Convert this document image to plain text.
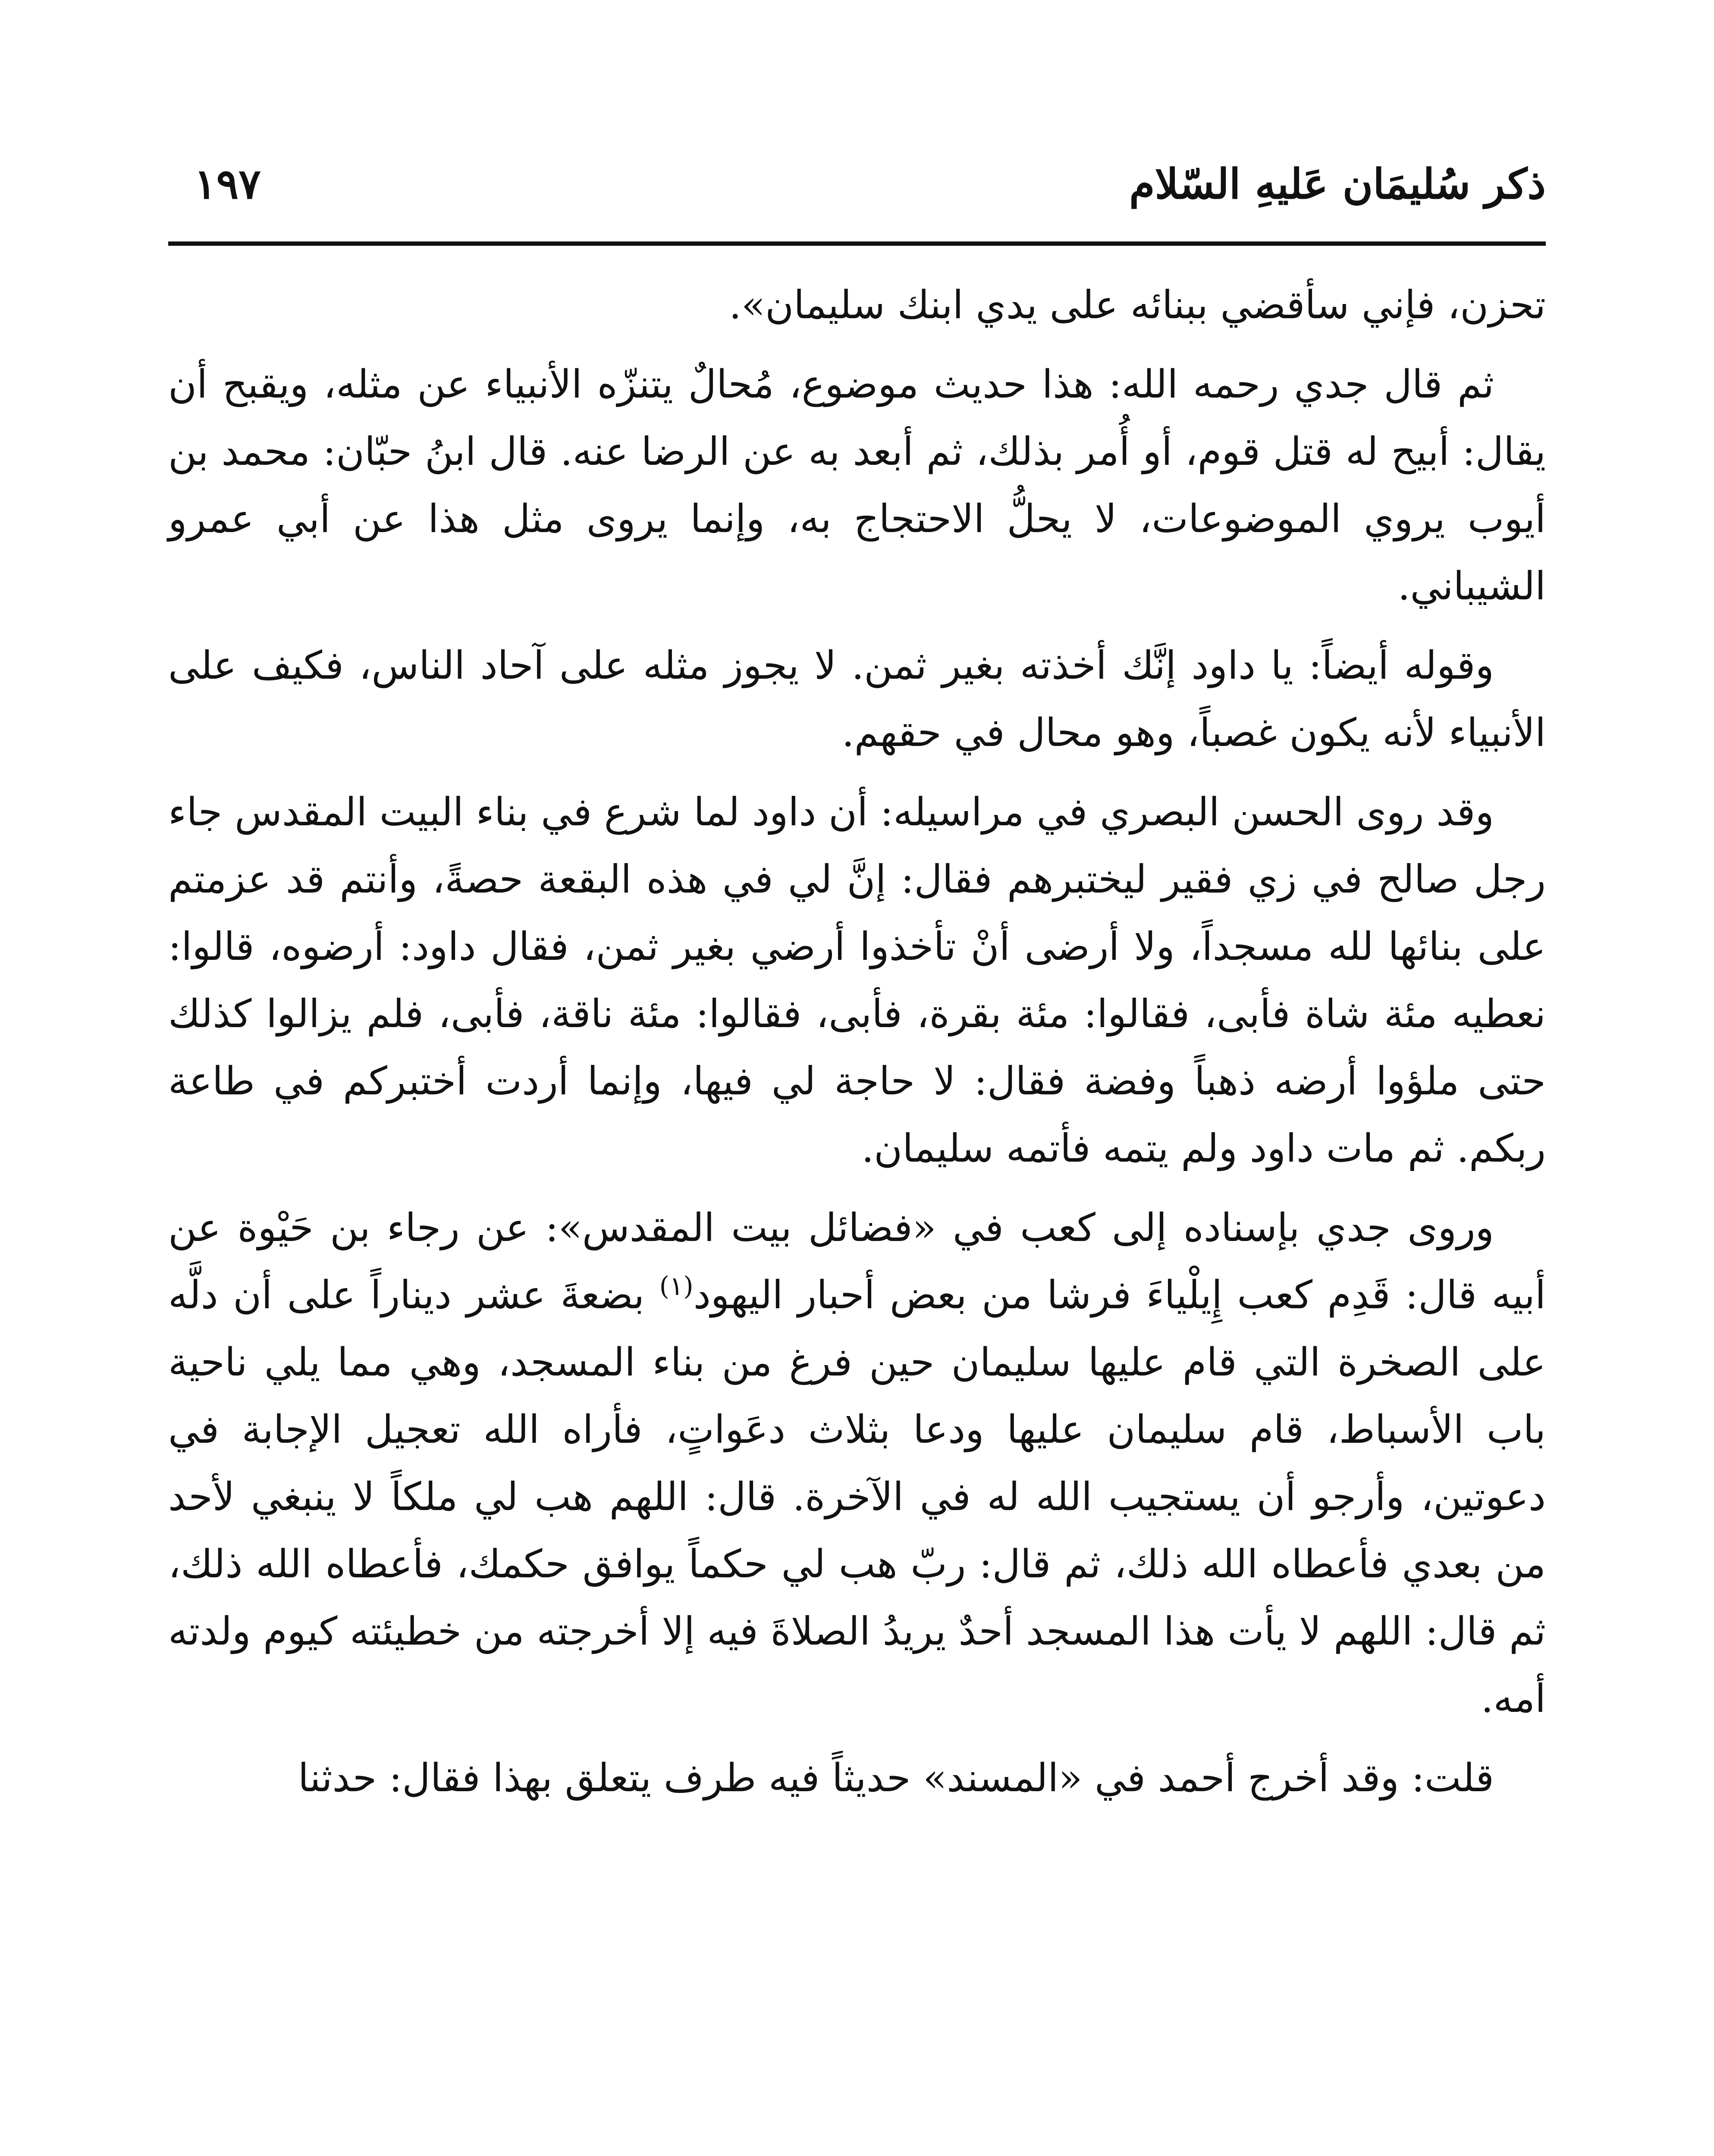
ذكر سُليمَان عَليهِ السّلام
١٩٧

تحزن، فإني سأقضي ببنائه على يدي ابنك سليمان».

ثم قال جدي رحمه الله: هذا حديث موضوع، مُحالٌ يتنزّه الأنبياء عن مثله، ويقبح أن يقال: أبيح له قتل قوم، أو أُمر بذلك، ثم أبعد به عن الرضا عنه. قال ابنُ حبّان: محمد بن أيوب يروي الموضوعات، لا يحلُّ الاحتجاج به، وإنما يروى مثل هذا عن أبي عمرو الشيباني.

وقوله أيضاً: يا داود إنَّك أخذته بغير ثمن. لا يجوز مثله على آحاد الناس، فكيف على الأنبياء لأنه يكون غصباً، وهو محال في حقهم.

وقد روى الحسن البصري في مراسيله: أن داود لما شرع في بناء البيت المقدس جاء رجل صالح في زي فقير ليختبرهم فقال: إنَّ لي في هذه البقعة حصةً، وأنتم قد عزمتم على بنائها لله مسجداً، ولا أرضى أنْ تأخذوا أرضي بغير ثمن، فقال داود: أرضوه، قالوا: نعطيه مئة شاة فأبى، فقالوا: مئة بقرة، فأبى، فقالوا: مئة ناقة، فأبى، فلم يزالوا كذلك حتى ملؤوا أرضه ذهباً وفضة فقال: لا حاجة لي فيها، وإنما أردت أختبركم في طاعة ربكم. ثم مات داود ولم يتمه فأتمه سليمان.

وروى جدي بإسناده إلى كعب في «فضائل بيت المقدس»: عن رجاء بن حَيْوة عن أبيه قال: قَدِم كعب إِيلْياءَ فرشا من بعض أحبار اليهود$^{(١)}$ بضعةَ عشر ديناراً على أن دلَّه على الصخرة التي قام عليها سليمان حين فرغ من بناء المسجد، وهي مما يلي ناحية باب الأسباط، قام سليمان عليها ودعا بثلاث دعَواتٍ، فأراه الله تعجيل الإجابة في دعوتين، وأرجو أن يستجيب الله له في الآخرة. قال: اللهم هب لي ملكاً لا ينبغي لأحد من بعدي فأعطاه الله ذلك، ثم قال: ربّ هب لي حكماً يوافق حكمك، فأعطاه الله ذلك، ثم قال: اللهم لا يأت هذا المسجد أحدٌ يريدُ الصلاةَ فيه إلا أخرجته من خطيئته كيوم ولدته أمه.

قلت: وقد أخرج أحمد في «المسند» حديثاً فيه طرف يتعلق بهذا فقال: حدثنا
